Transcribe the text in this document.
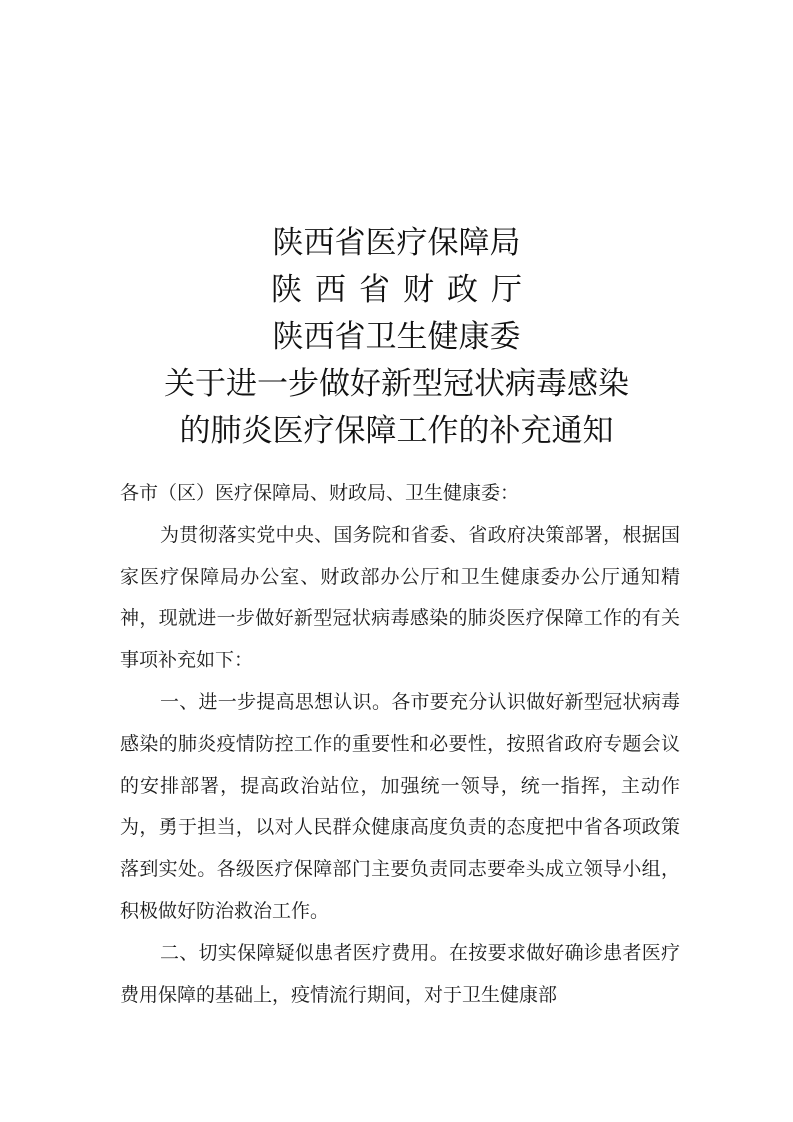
陕西省医疗保障局
陕西省财政厅
陕西省卫生健康委
关于进一步做好新型冠状病毒感染
的肺炎医疗保障工作的补充通知

各市（区）医疗保障局、财政局、卫生健康委：

为贯彻落实党中央、国务院和省委、省政府决策部署，根据国家医疗保障局办公室、财政部办公厅和卫生健康委办公厅通知精神，现就进一步做好新型冠状病毒感染的肺炎医疗保障工作的有关事项补充如下：

一、进一步提高思想认识。各市要充分认识做好新型冠状病毒感染的肺炎疫情防控工作的重要性和必要性，按照省政府专题会议的安排部署，提高政治站位，加强统一领导，统一指挥，主动作为，勇于担当，以对人民群众健康高度负责的态度把中省各项政策落到实处。各级医疗保障部门主要负责同志要牵头成立领导小组，积极做好防治救治工作。

二、切实保障疑似患者医疗费用。在按要求做好确诊患者医疗费用保障的基础上，疫情流行期间，对于卫生健康部
